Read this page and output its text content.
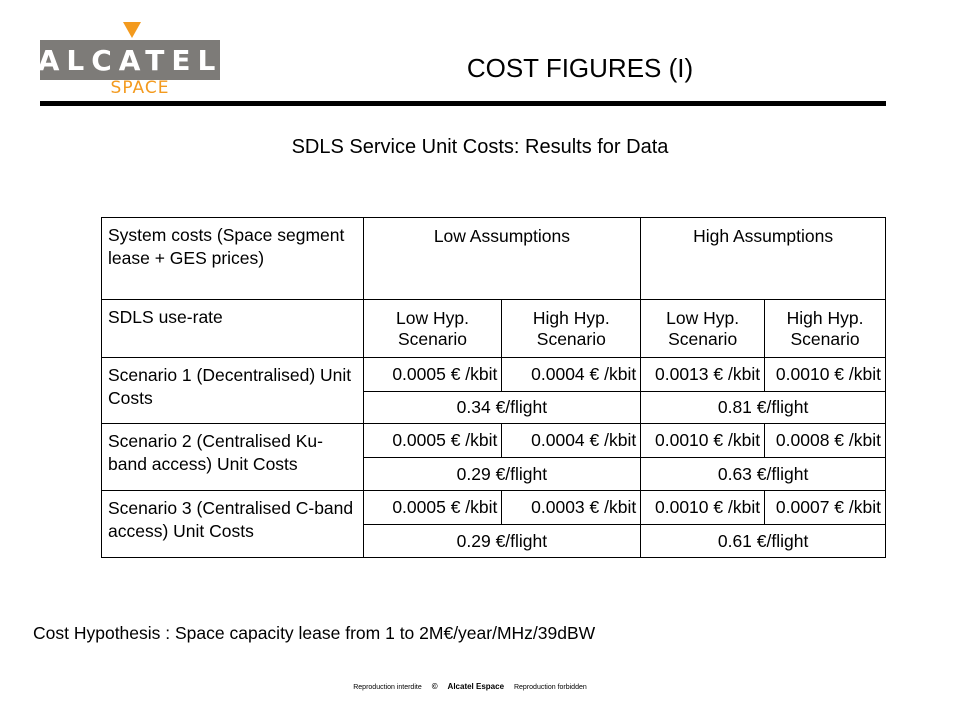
ALCATEL
SPACE
COST FIGURES (I)
SDLS Service Unit Costs: Results for Data
System costs (Space segment lease + GES prices)	Low Assumptions		High Assumptions	
SDLS use-rate	Low Hyp. Scenario	High Hyp. Scenario	Low Hyp. Scenario	High Hyp. Scenario
Scenario 1 (Decentralised) Unit Costs	0.0005 € /kbit	0.0004 € /kbit	0.0013 € /kbit	0.0010 € /kbit
	0.34 €/flight		0.81 €/flight	
Scenario 2 (Centralised Ku-band access) Unit Costs	0.0005 € /kbit	0.0004 € /kbit	0.0010 € /kbit	0.0008 € /kbit
	0.29 €/flight		0.63 €/flight	
Scenario 3 (Centralised C-band access) Unit Costs	0.0005 € /kbit	0.0003 € /kbit	0.0010 € /kbit	0.0007 € /kbit
	0.29 €/flight		0.61 €/flight	
Cost Hypothesis : Space capacity lease from 1 to 2M€/year/MHz/39dBW
Reproduction interdite © Alcatel Espace Reproduction forbidden
